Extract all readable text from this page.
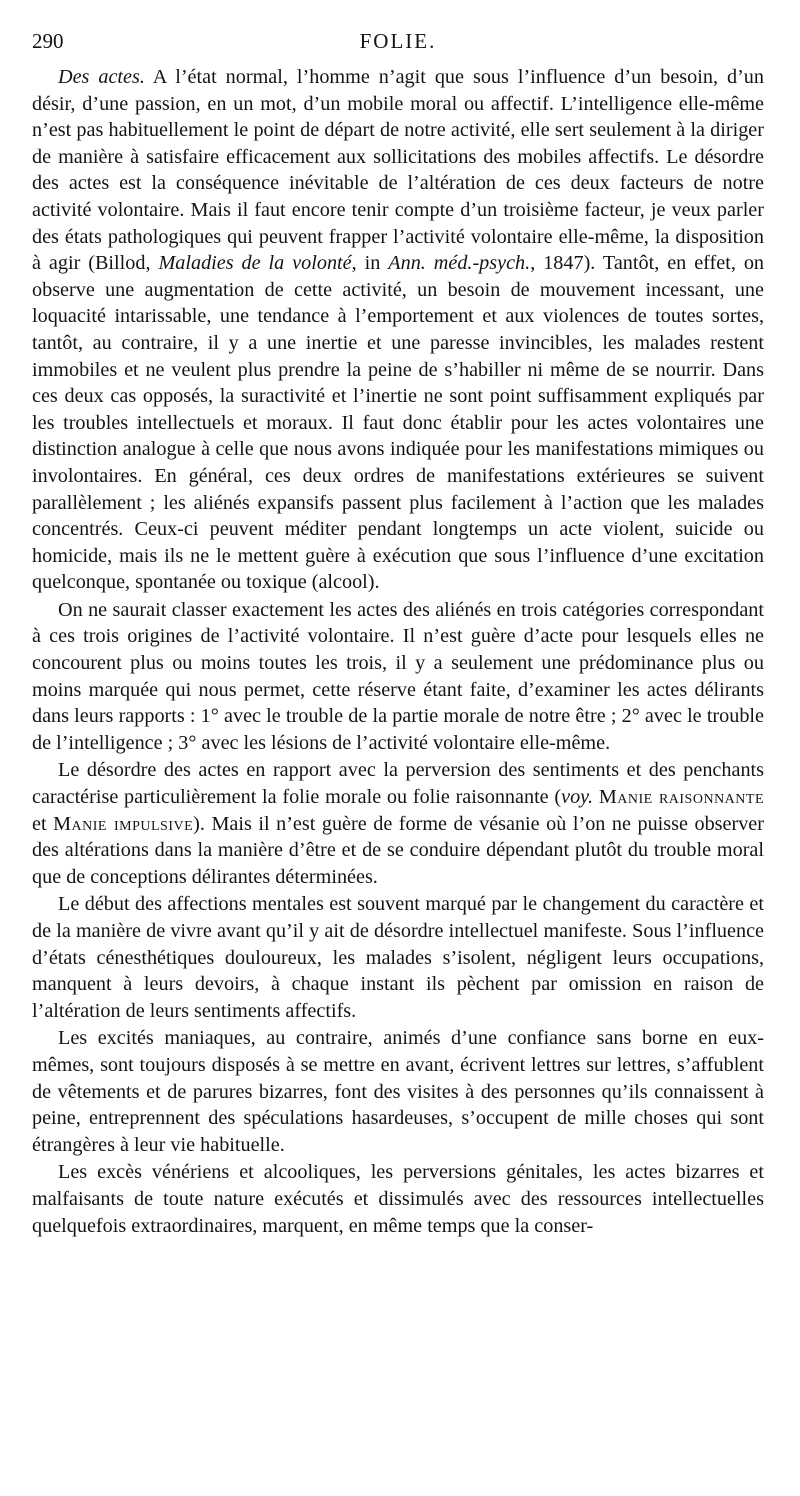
290	FOLIE.

Des actes. A l’état normal, l’homme n’agit que sous l’influence d’un besoin, d’un désir, d’une passion, en un mot, d’un mobile moral ou affectif. L’intelligence elle-même n’est pas habituellement le point de départ de notre activité, elle sert seulement à la diriger de manière à satisfaire efficacement aux sollicitations des mobiles affectifs. Le désordre des actes est la conséquence inévitable de l’altération de ces deux facteurs de notre activité volontaire. Mais il faut encore tenir compte d’un troisième facteur, je veux parler des états pathologiques qui peuvent frapper l’activité volontaire elle-même, la disposition à agir (Billod, Maladies de la volonté, in Ann. méd.-psych., 1847). Tantôt, en effet, on observe une augmentation de cette activité, un besoin de mouvement incessant, une loquacité intarissable, une tendance à l’emportement et aux violences de toutes sortes, tantôt, au contraire, il y a une inertie et une paresse invincibles, les malades restent immobiles et ne veulent plus prendre la peine de s’habiller ni même de se nourrir. Dans ces deux cas opposés, la suractivité et l’inertie ne sont point suffisamment expliqués par les troubles intellectuels et moraux. Il faut donc établir pour les actes volontaires une distinction analogue à celle que nous avons indiquée pour les manifestations mimiques ou involontaires. En général, ces deux ordres de manifestations extérieures se suivent parallèlement ; les aliénés expansifs passent plus facilement à l’action que les malades concentrés. Ceux-ci peuvent méditer pendant longtemps un acte violent, suicide ou homicide, mais ils ne le mettent guère à exécution que sous l’influence d’une excitation quelconque, spontanée ou toxique (alcool).

On ne saurait classer exactement les actes des aliénés en trois catégories correspondant à ces trois origines de l’activité volontaire. Il n’est guère d’acte pour lesquels elles ne concourent plus ou moins toutes les trois, il y a seulement une prédominance plus ou moins marquée qui nous permet, cette réserve étant faite, d’examiner les actes délirants dans leurs rapports : 1° avec le trouble de la partie morale de notre être ; 2° avec le trouble de l’intelligence ; 3° avec les lésions de l’activité volontaire elle-même.

Le désordre des actes en rapport avec la perversion des sentiments et des penchants caractérise particulièrement la folie morale ou folie raisonnante (voy. Manie raisonnante et Manie impulsive). Mais il n’est guère de forme de vésanie où l’on ne puisse observer des altérations dans la manière d’être et de se conduire dépendant plutôt du trouble moral que de conceptions délirantes déterminées.

Le début des affections mentales est souvent marqué par le changement du caractère et de la manière de vivre avant qu’il y ait de désordre intellectuel manifeste. Sous l’influence d’états cénesthétiques douloureux, les malades s’isolent, négligent leurs occupations, manquent à leurs devoirs, à chaque instant ils pèchent par omission en raison de l’altération de leurs sentiments affectifs.

Les excités maniaques, au contraire, animés d’une confiance sans borne en eux-mêmes, sont toujours disposés à se mettre en avant, écrivent lettres sur lettres, s’affublent de vêtements et de parures bizarres, font des visites à des personnes qu’ils connaissent à peine, entreprennent des spéculations hasardeuses, s’occupent de mille choses qui sont étrangères à leur vie habituelle.

Les excès vénériens et alcooliques, les perversions génitales, les actes bizarres et malfaisants de toute nature exécutés et dissimulés avec des ressources intellectuelles quelquefois extraordinaires, marquent, en même temps que la conser-
